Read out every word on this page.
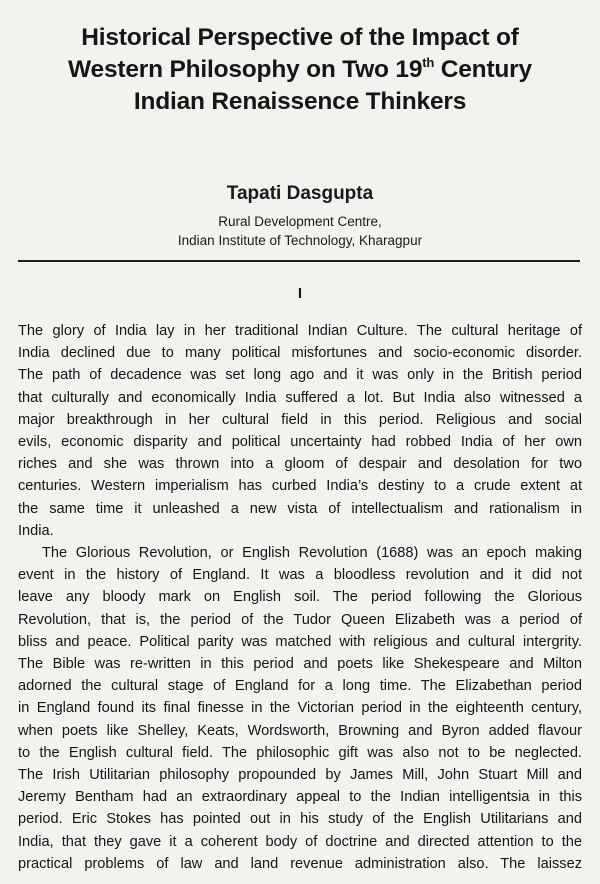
Historical Perspective of the Impact of
Western Philosophy on Two 19th Century
Indian Renaissence Thinkers
Tapati Dasgupta
Rural Development Centre,
Indian Institute of Technology, Kharagpur
I
The glory of India lay in her traditional Indian Culture. The cultural heritage of
India declined due to many political misfortunes and socio-economic disorder.
The path of decadence was set long ago and it was only in the British period
that culturally and economically India suffered a lot. But India also witnessed a
major breakthrough in her cultural field in this period. Religious and social
evils, economic disparity and political uncertainty had robbed India of her own
riches and she was thrown into a gloom of despair and desolation for two
centuries. Western imperialism has curbed India’s destiny to a crude extent at
the same time it unleashed a new vista of intellectualism and rationalism in
India.
The Glorious Revolution, or English Revolution (1688) was an epoch making
event in the history of England. It was a bloodless revolution and it did not
leave any bloody mark on English soil. The period following the Glorious
Revolution, that is, the period of the Tudor Queen Elizabeth was a period of
bliss and peace. Political parity was matched with religious and cultural intergrity.
The Bible was re-written in this period and poets like Shekespeare and Milton
adorned the cultural stage of England for a long time. The Elizabethan period
in England found its final finesse in the Victorian period in the eighteenth century,
when poets like Shelley, Keats, Wordsworth, Browning and Byron added flavour
to the English cultural field. The philosophic gift was also not to be neglected.
The Irish Utilitarian philosophy propounded by James Mill, John Stuart Mill and
Jeremy Bentham had an extraordinary appeal to the Indian intelligentsia in this
period. Eric Stokes has pointed out in his study of the English Utilitarians and
India, that they gave it a coherent body of doctrine and directed attention to the
practical problems of law and land revenue administration also. The laissez
